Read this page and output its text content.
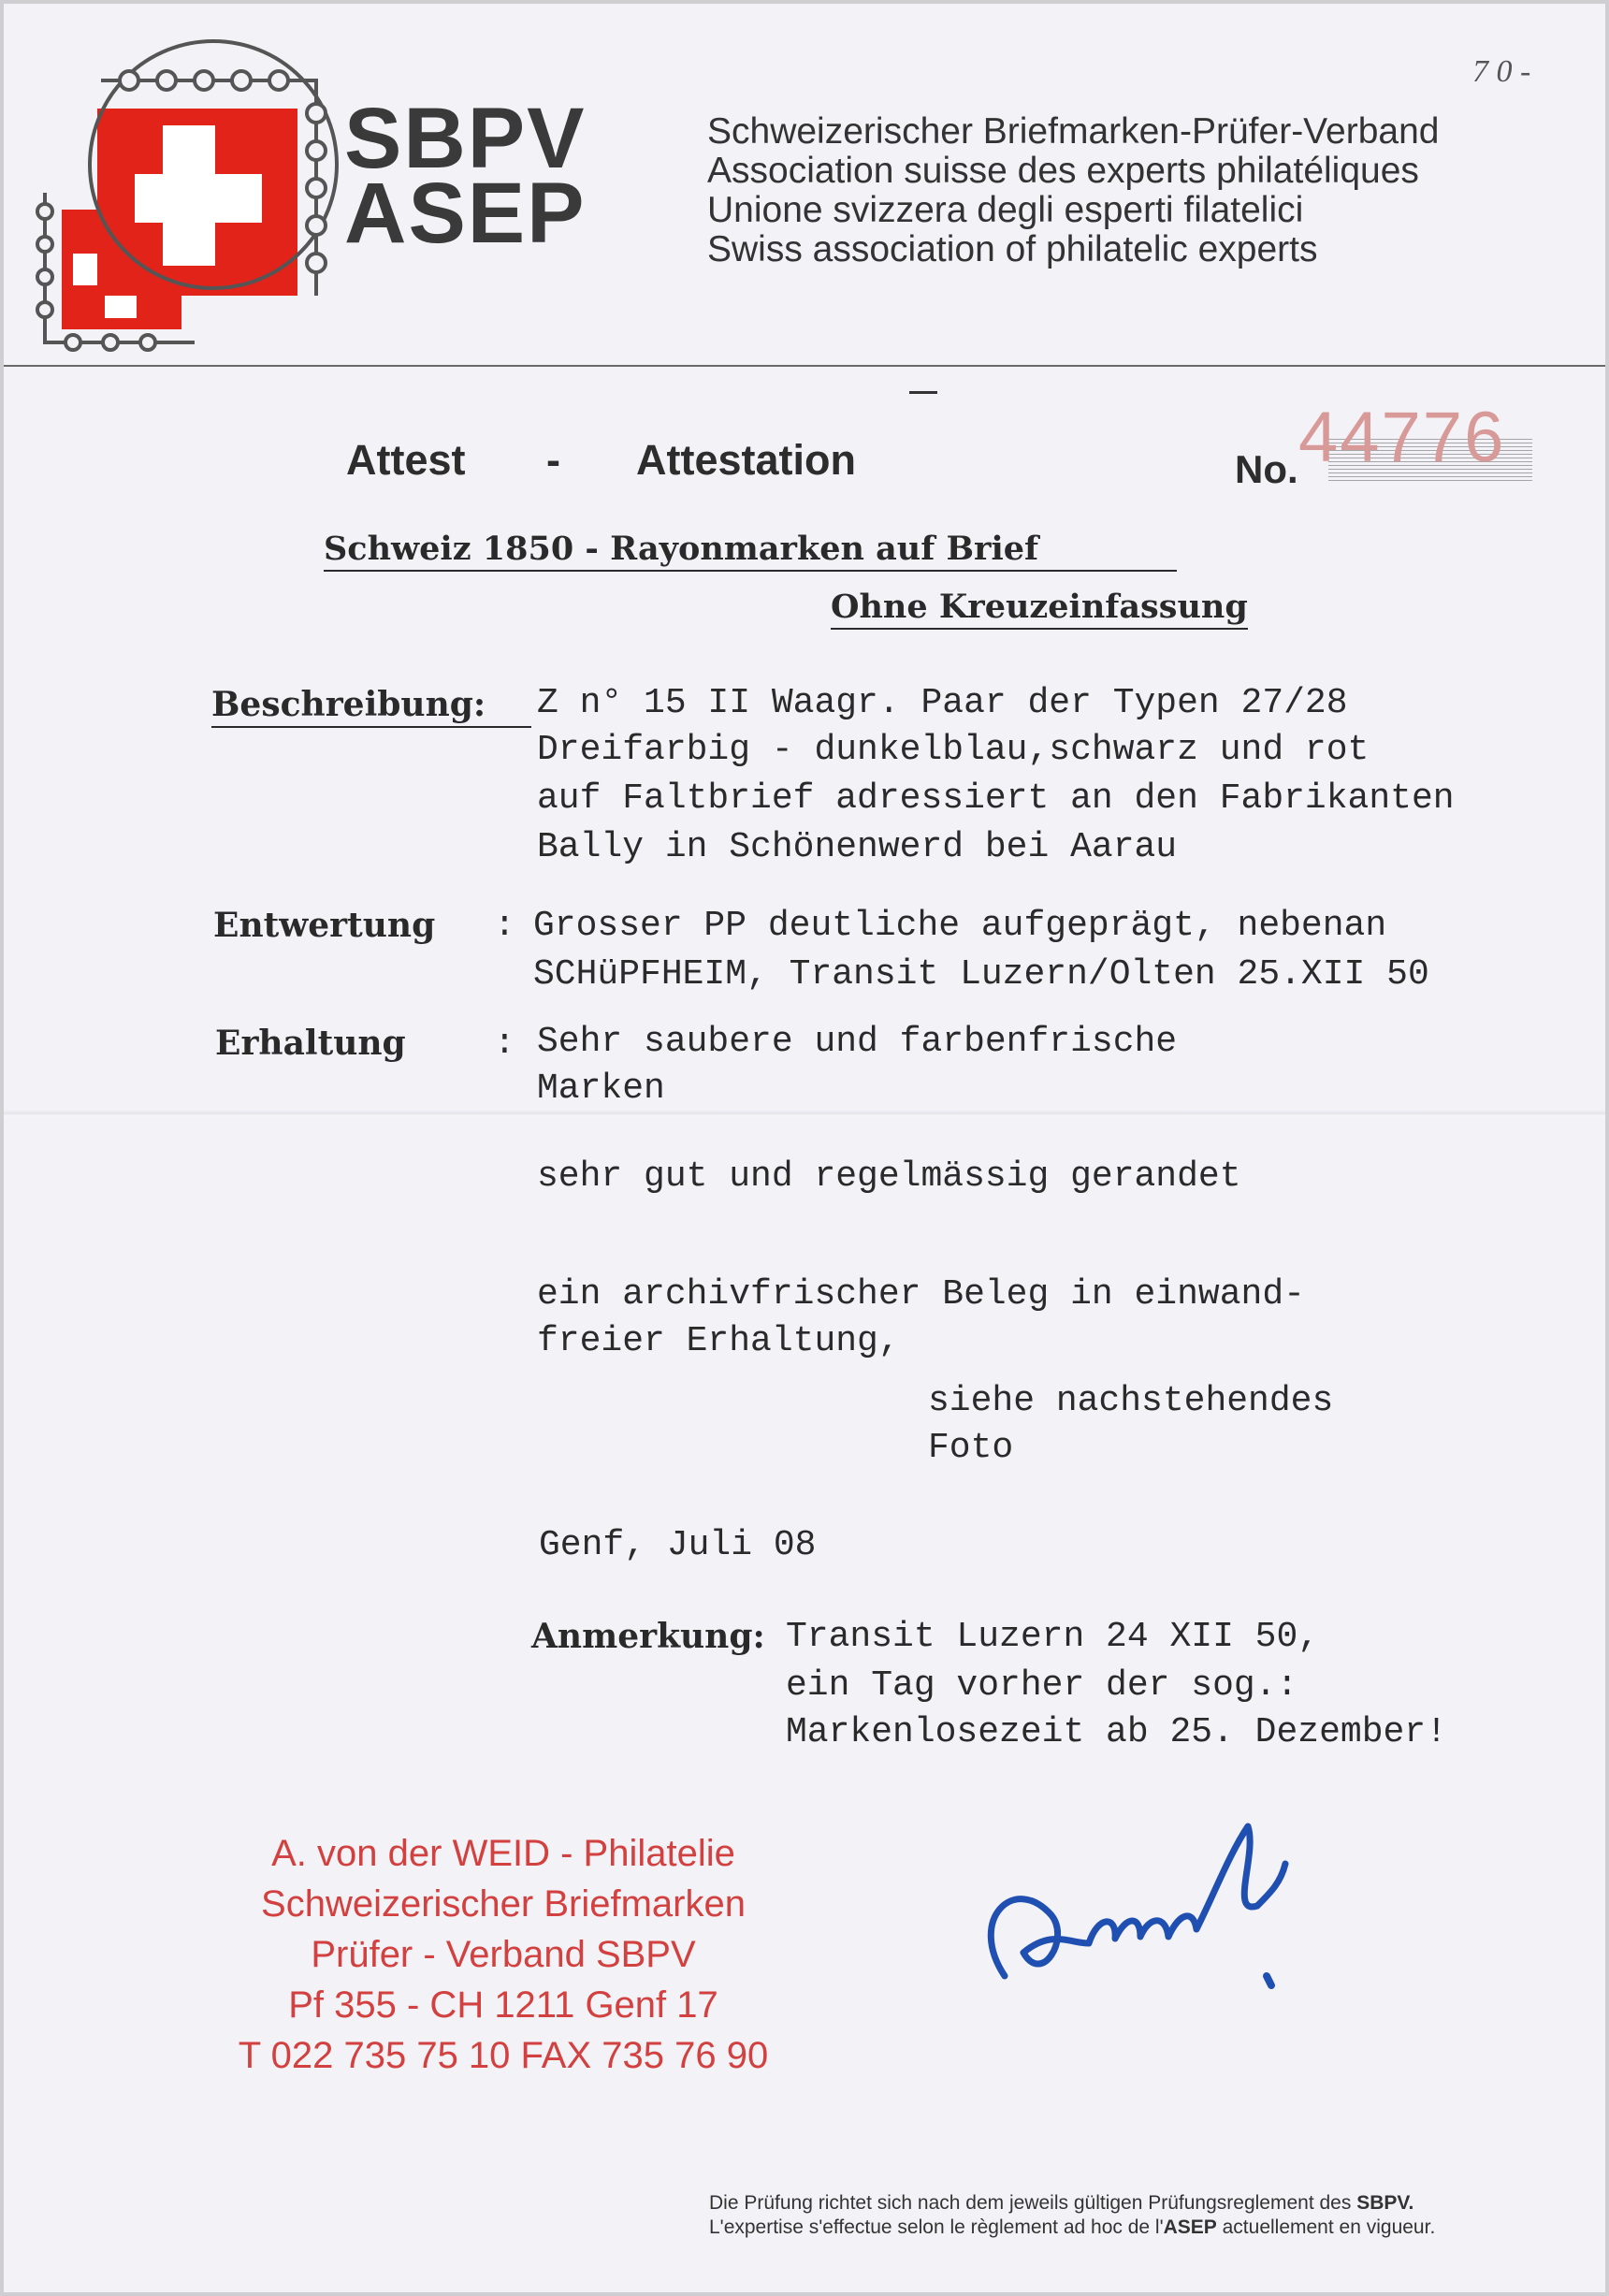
SBPV
ASEP
Schweizerischer Briefmarken-Prüfer-Verband
Association suisse des experts philatéliques
Unione svizzera degli esperti filatelici
Swiss association of philatelic experts
7 0 -
Attest - Attestation	No. 44776
Schweiz 1850 - Rayonmarken auf Brief
Ohne Kreuzeinfassung
Beschreibung:	Z n° 15 II Waagr. Paar der Typen 27/28
Dreifarbig - dunkelblau,schwarz und rot
auf Faltbrief adressiert an den Fabrikanten
Bally in Schönenwerd bei Aarau
Entwertung : Grosser PP deutliche aufgeprägt, nebenan
SCHüPFHEIM, Transit Luzern/Olten 25.XII 50
Erhaltung : Sehr saubere und farbenfrische
Marken
sehr gut und regelmässig gerandet
ein archivfrischer Beleg in einwand-
freier Erhaltung,
siehe nachstehendes
Foto
Genf, Juli 08
Anmerkung: Transit Luzern 24 XII 50,
ein Tag vorher der sog.:
Markenlosezeit ab 25. Dezember!
A. von der WEID - Philatelie
Schweizerischer Briefmarken
Prüfer - Verband SBPV
Pf 355 - CH 1211 Genf 17
T 022 735 75 10 FAX 735 76 90
Die Prüfung richtet sich nach dem jeweils gültigen Prüfungsreglement des SBPV.
L'expertise s'effectue selon le règlement ad hoc de l'ASEP actuellement en vigueur.
